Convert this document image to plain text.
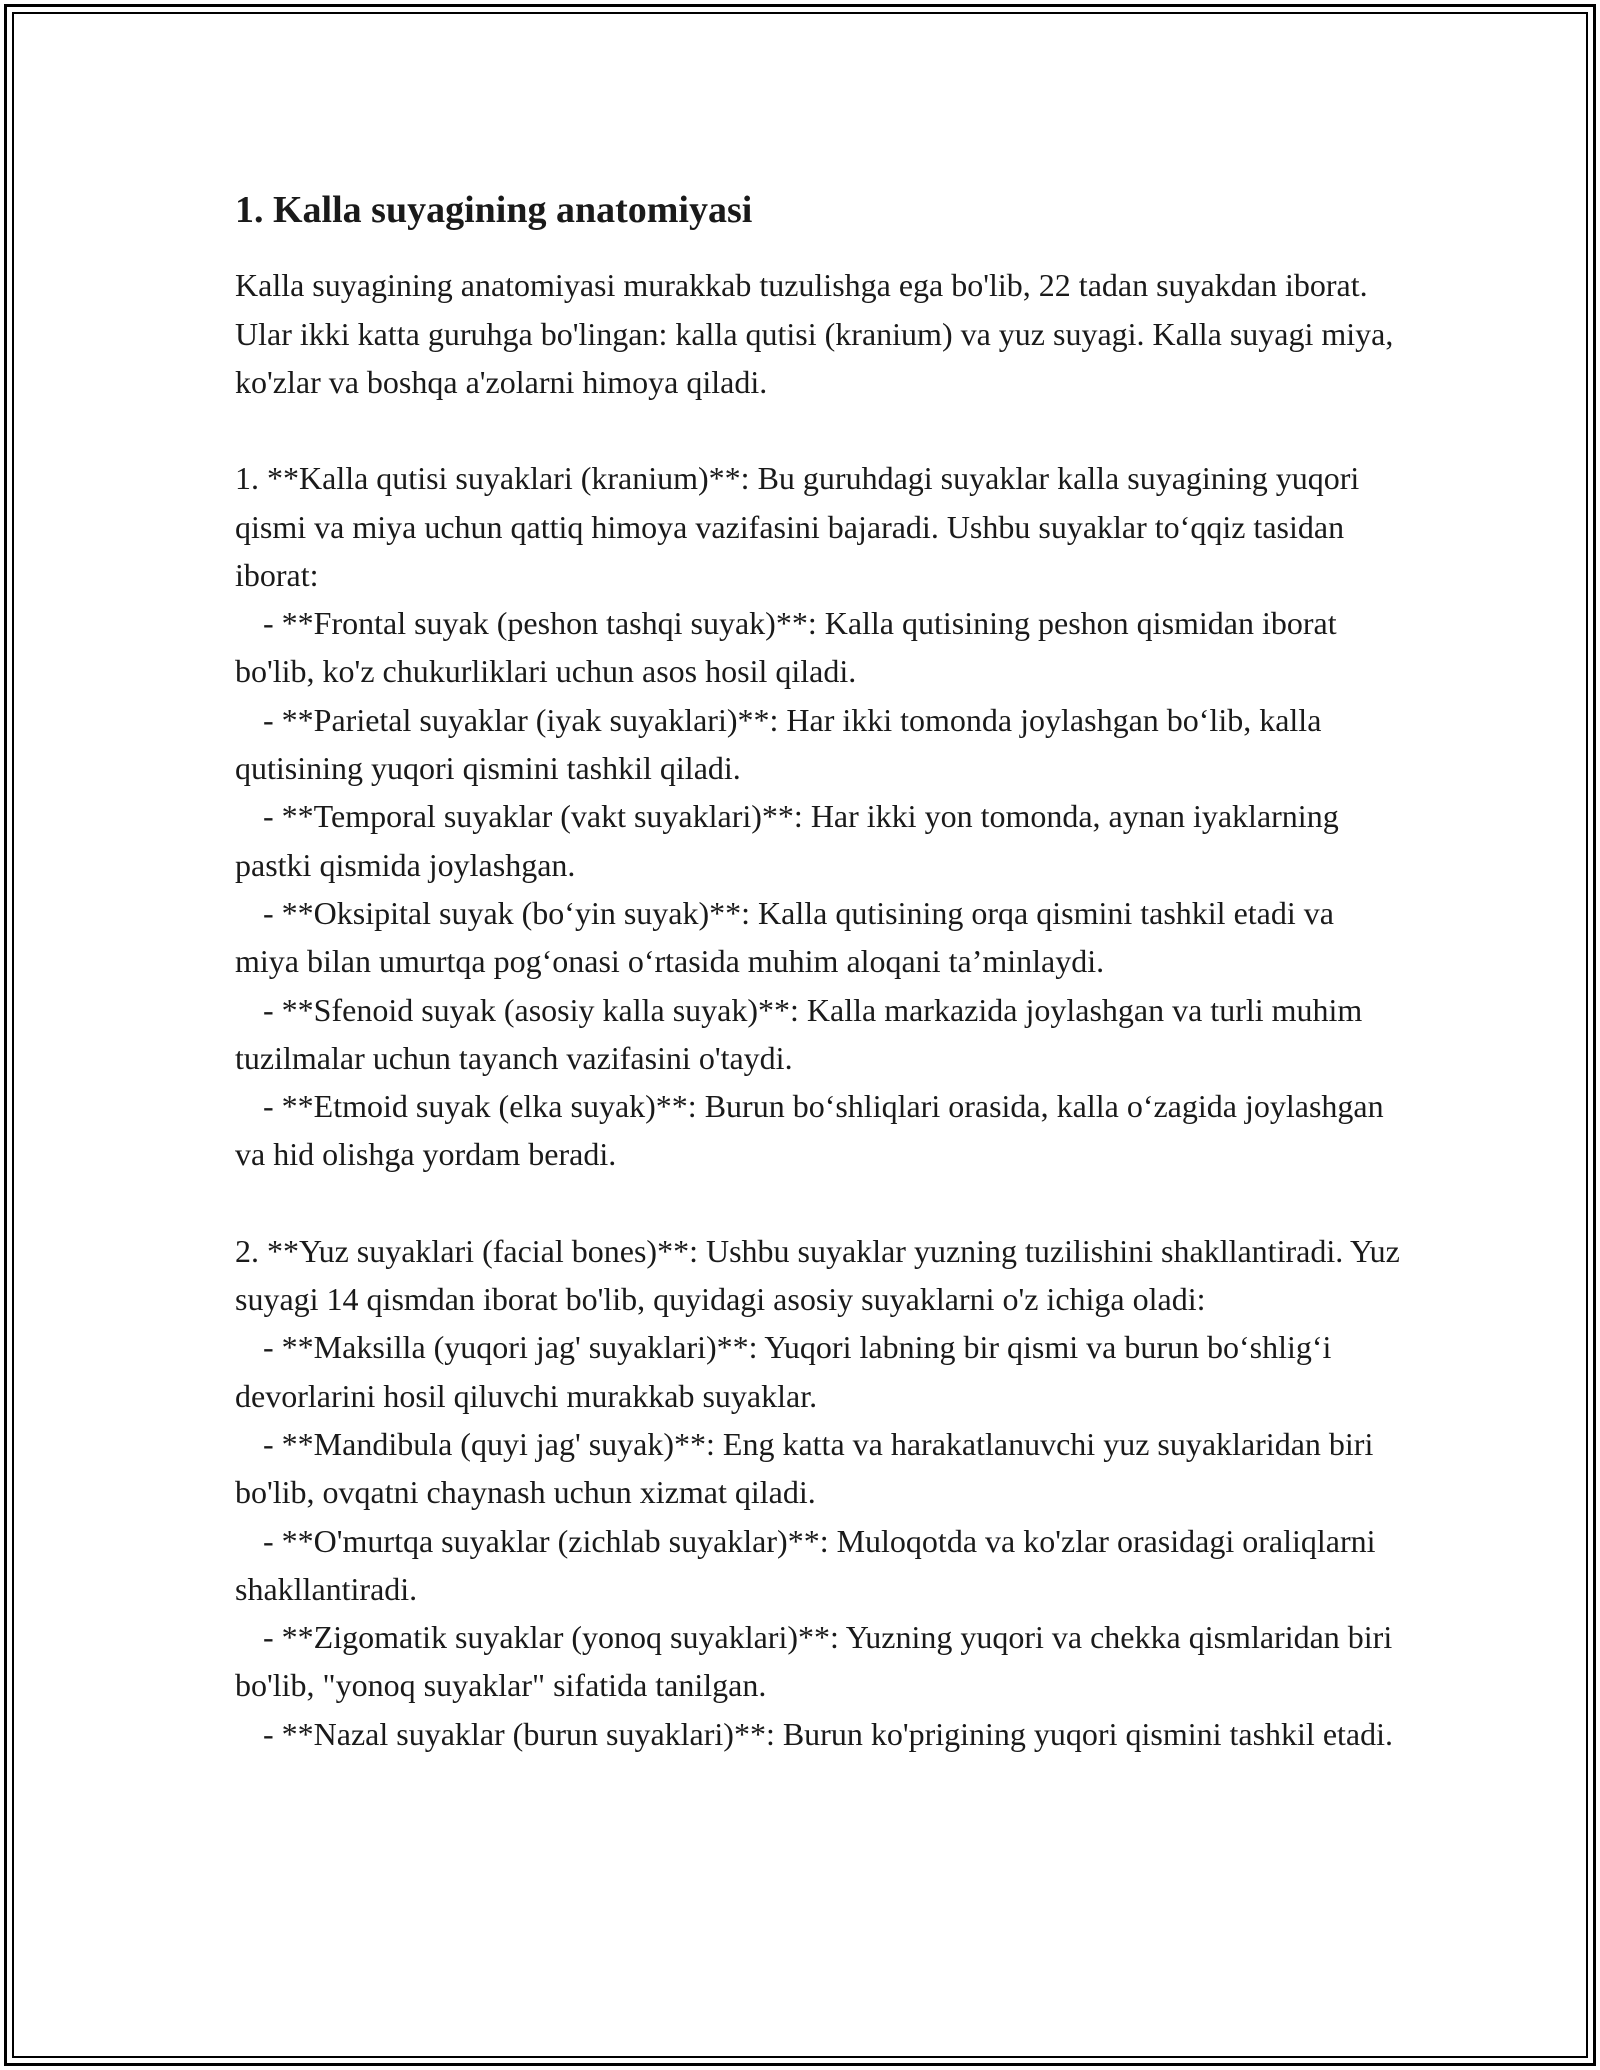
1. Kalla suyagining anatomiyasi

Kalla suyagining anatomiyasi murakkab tuzulishga ega bo'lib, 22 tadan suyakdan iborat. Ular ikki katta guruhga bo'lingan: kalla qutisi (kranium) va yuz suyagi. Kalla suyagi miya, ko'zlar va boshqa a'zolarni himoya qiladi.

1. **Kalla qutisi suyaklari (kranium)**: Bu guruhdagi suyaklar kalla suyagining yuqori qismi va miya uchun qattiq himoya vazifasini bajaradi. Ushbu suyaklar to‘qqiz tasidan iborat:

- **Frontal suyak (peshon tashqi suyak)**: Kalla qutisining peshon qismidan iborat bo'lib, ko'z chukurliklari uchun asos hosil qiladi.

- **Parietal suyaklar (iyak suyaklari)**: Har ikki tomonda joylashgan bo‘lib, kalla qutisining yuqori qismini tashkil qiladi.

- **Temporal suyaklar (vakt suyaklari)**: Har ikki yon tomonda, aynan iyaklarning pastki qismida joylashgan.

- **Oksipital suyak (bo‘yin suyak)**: Kalla qutisining orqa qismini tashkil etadi va miya bilan umurtqa pog‘onasi o‘rtasida muhim aloqani ta’minlaydi.

- **Sfenoid suyak (asosiy kalla suyak)**: Kalla markazida joylashgan va turli muhim tuzilmalar uchun tayanch vazifasini o'taydi.

- **Etmoid suyak (elka suyak)**: Burun bo‘shliqlari orasida, kalla o‘zagida joylashgan va hid olishga yordam beradi.

2. **Yuz suyaklari (facial bones)**: Ushbu suyaklar yuzning tuzilishini shakllantiradi. Yuz suyagi 14 qismdan iborat bo'lib, quyidagi asosiy suyaklarni o'z ichiga oladi:

- **Maksilla (yuqori jag' suyaklari)**: Yuqori labning bir qismi va burun bo‘shlig‘i devorlarini hosil qiluvchi murakkab suyaklar.

- **Mandibula (quyi jag' suyak)**: Eng katta va harakatlanuvchi yuz suyaklaridan biri bo'lib, ovqatni chaynash uchun xizmat qiladi.

- **O'murtqa suyaklar (zichlab suyaklar)**: Muloqotda va ko'zlar orasidagi oraliqlarni shakllantiradi.

- **Zigomatik suyaklar (yonoq suyaklari)**: Yuzning yuqori va chekka qismlaridan biri bo'lib, "yonoq suyaklar" sifatida tanilgan.

- **Nazal suyaklar (burun suyaklari)**: Burun ko'prigining yuqori qismini tashkil etadi.
